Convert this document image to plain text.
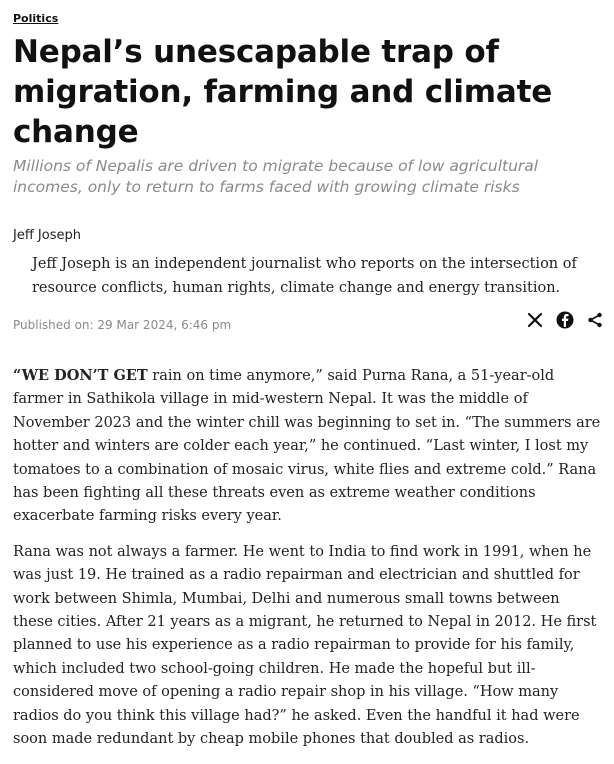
Politics
Nepal’s unescapable trap of migration, farming and climate change

Millions of Nepalis are driven to migrate because of low agricultural incomes, only to return to farms faced with growing climate risks

Jeff Joseph

Jeff Joseph is an independent journalist who reports on the intersection of resource conflicts, human rights, climate change and energy transition.

Published on: 29 Mar 2024, 6:46 pm

“WE DON’T GET rain on time anymore,” said Purna Rana, a 51-year-old farmer in Sathikola village in mid-western Nepal. It was the middle of November 2023 and the winter chill was beginning to set in. “The summers are hotter and winters are colder each year,” he continued. “Last winter, I lost my tomatoes to a combination of mosaic virus, white flies and extreme cold.” Rana has been fighting all these threats even as extreme weather conditions exacerbate farming risks every year.

Rana was not always a farmer. He went to India to find work in 1991, when he was just 19. He trained as a radio repairman and electrician and shuttled for work between Shimla, Mumbai, Delhi and numerous small towns between these cities. After 21 years as a migrant, he returned to Nepal in 2012. He first planned to use his experience as a radio repairman to provide for his family, which included two school-going children. He made the hopeful but ill-considered move of opening a radio repair shop in his village. “How many radios do you think this village had?” he asked. Even the handful it had were soon made redundant by cheap mobile phones that doubled as radios.
